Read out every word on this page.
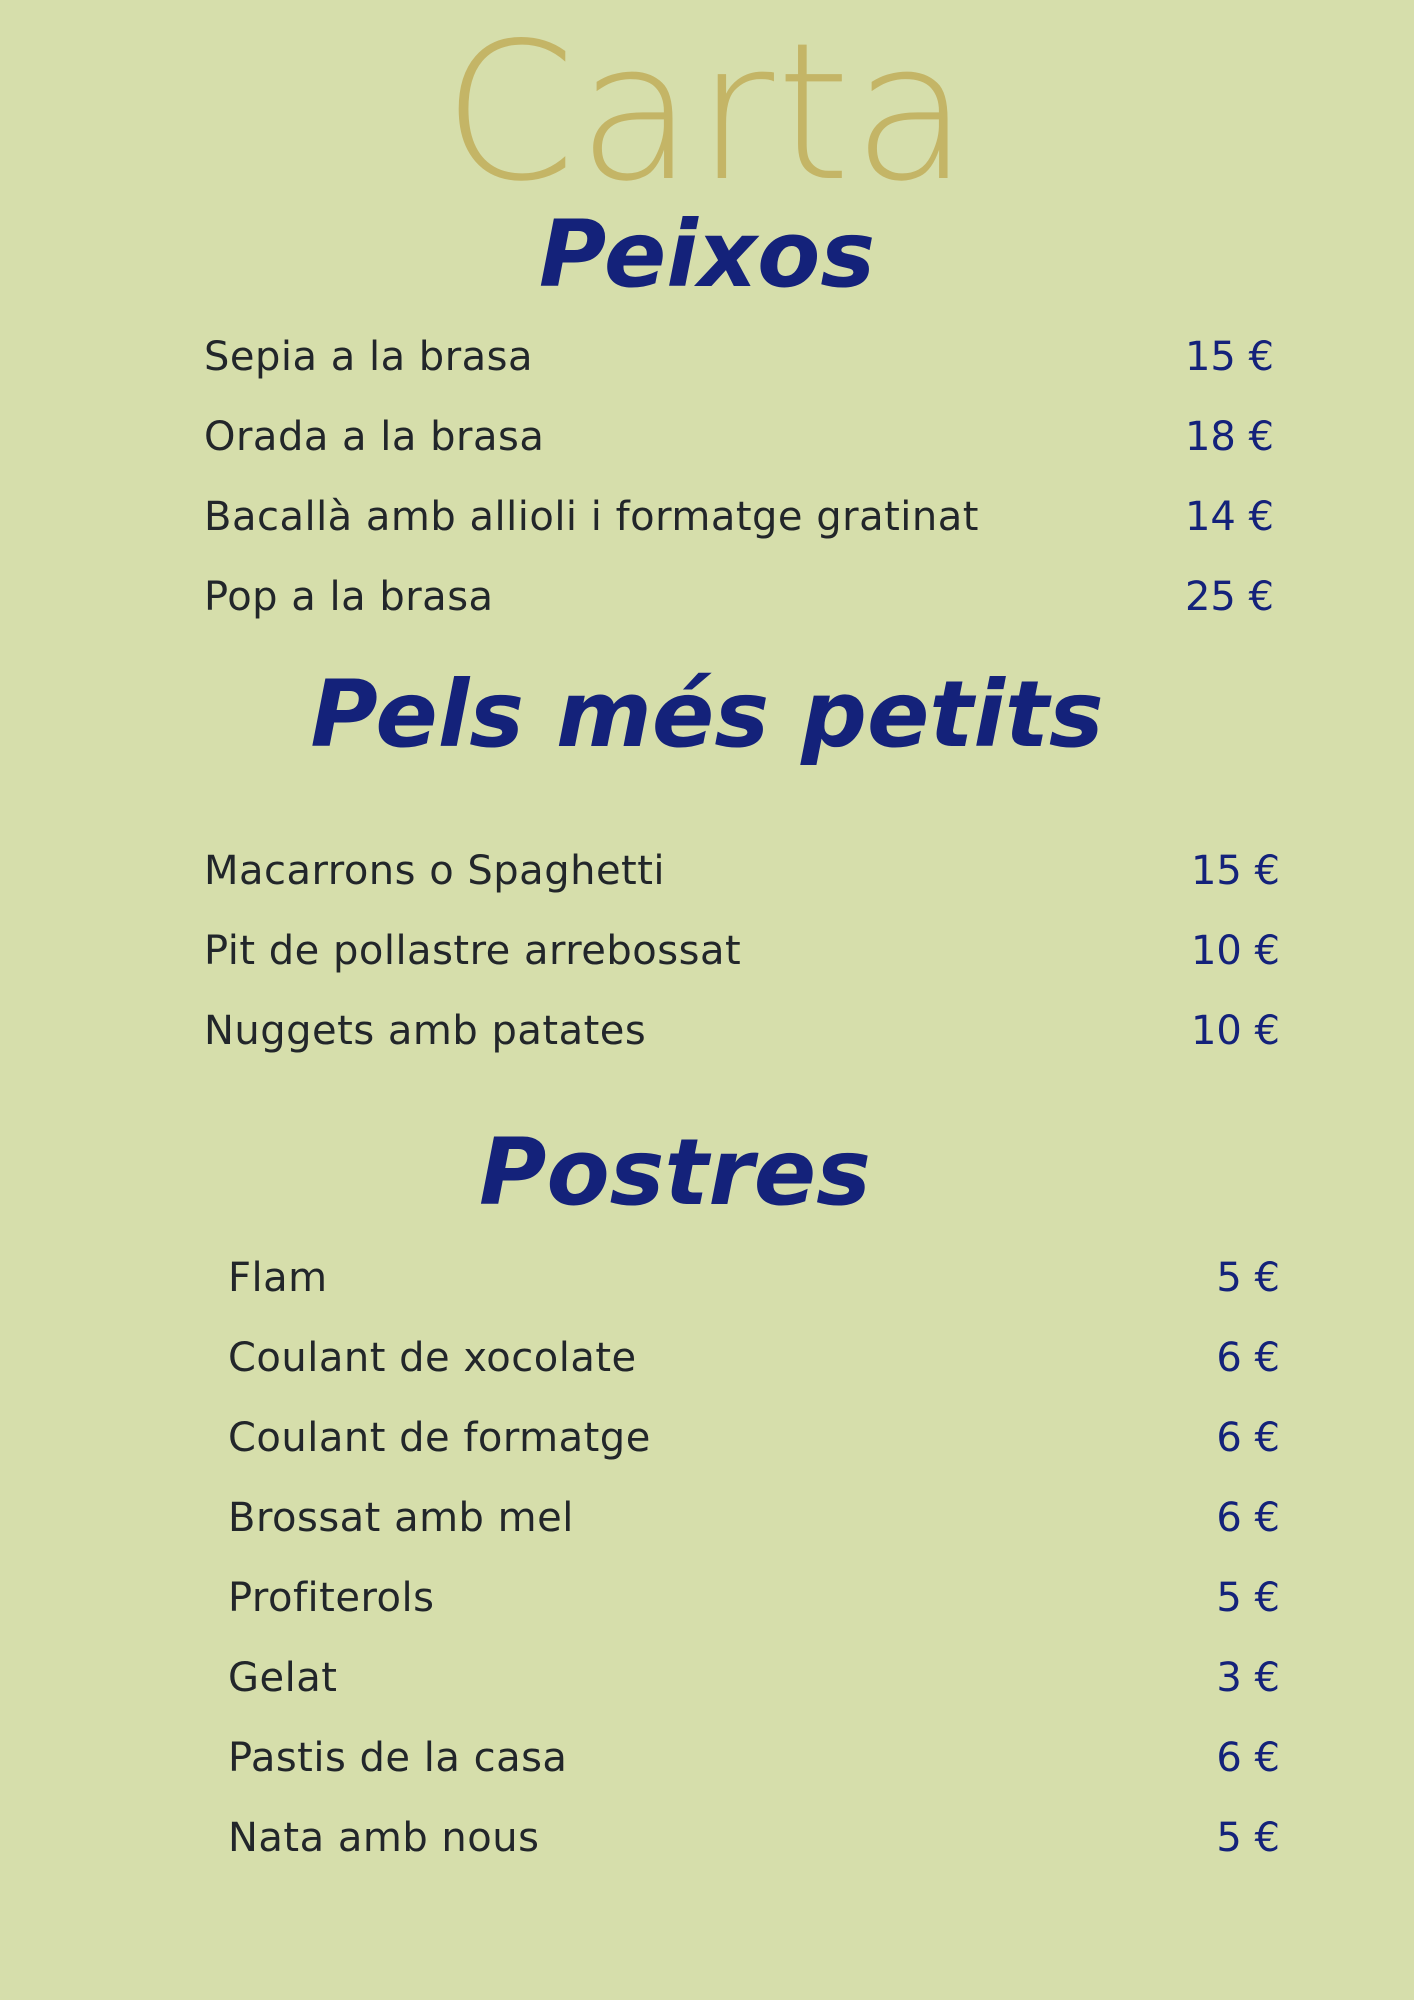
Carta
Peixos
Sepia a la brasa	15 €
Orada a la brasa	18 €
Bacallà amb allioli i formatge gratinat	14 €
Pop a la brasa	25 €
Pels més petits
Macarrons o Spaghetti	15 €
Pit de pollastre arrebossat	10 €
Nuggets amb patates	10 €
Postres
Flam	5 €
Coulant de xocolate	6 €
Coulant de formatge	6 €
Brossat amb mel	6 €
Profiterols	5 €
Gelat	3 €
Pastis de la casa	6 €
Nata amb nous	5 €
